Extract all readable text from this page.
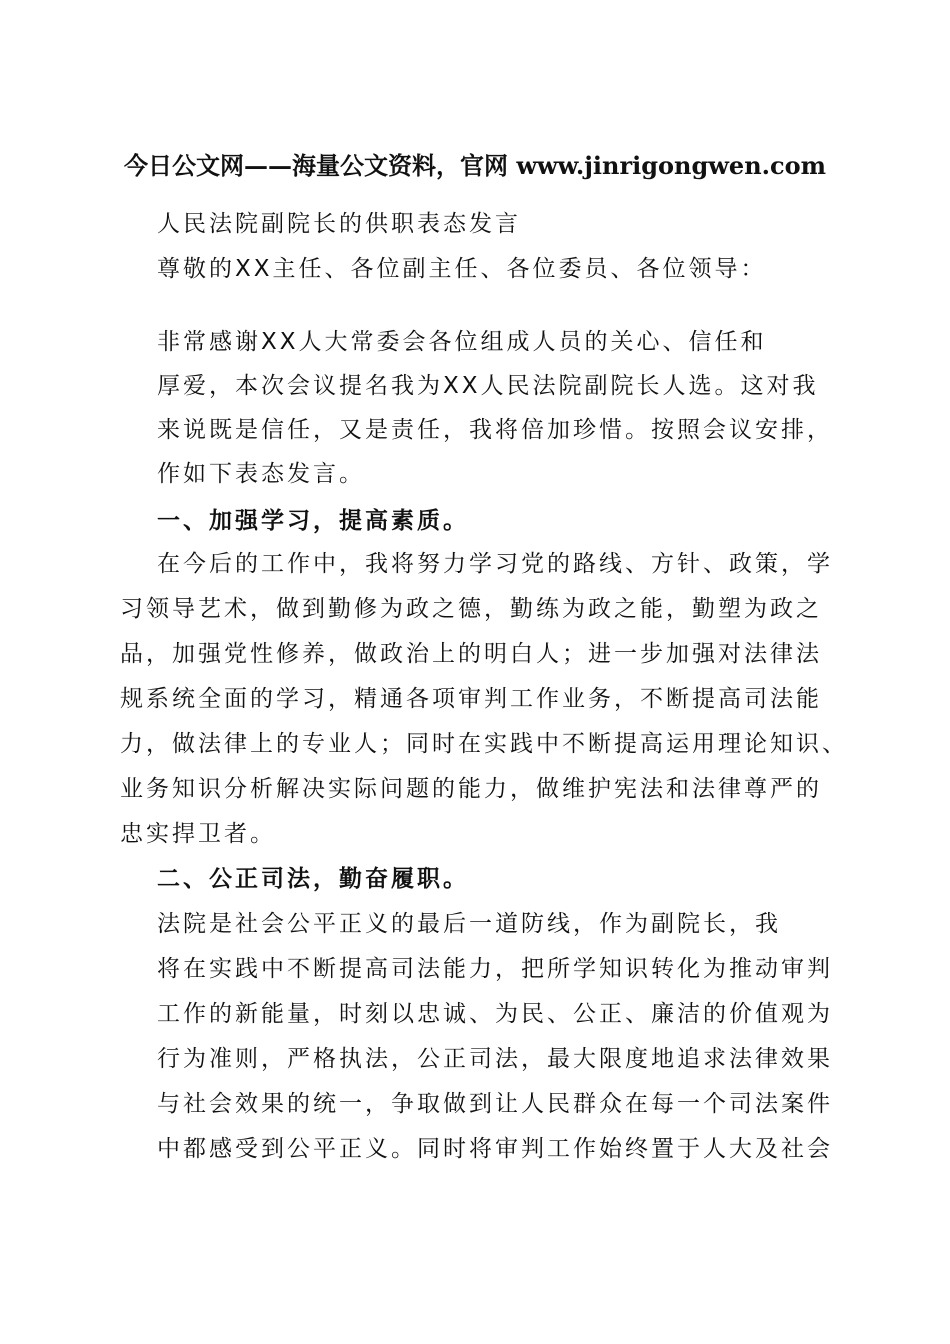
今日公文网——海量公文资料，官网 www.jinrigongwen.com
人民法院副院长的供职表态发言
尊敬的XX主任、各位副主任、各位委员、各位领导：
非常感谢XX人大常委会各位组成人员的关心、信任和
厚爱，本次会议提名我为XX人民法院副院长人选。这对我
来说既是信任，又是责任，我将倍加珍惜。按照会议安排，
作如下表态发言。
一、加强学习，提高素质。
在今后的工作中，我将努力学习党的路线、方针、政策，学
习领导艺术，做到勤修为政之德，勤练为政之能，勤塑为政之
品，加强党性修养，做政治上的明白人；进一步加强对法律法
规系统全面的学习，精通各项审判工作业务，不断提高司法能
力，做法律上的专业人；同时在实践中不断提高运用理论知识、
业务知识分析解决实际问题的能力，做维护宪法和法律尊严的
忠实捍卫者。
二、公正司法，勤奋履职。
法院是社会公平正义的最后一道防线，作为副院长，我
将在实践中不断提高司法能力，把所学知识转化为推动审判
工作的新能量，时刻以忠诚、为民、公正、廉洁的价值观为
行为准则，严格执法，公正司法，最大限度地追求法律效果
与社会效果的统一，争取做到让人民群众在每一个司法案件
中都感受到公平正义。同时将审判工作始终置于人大及社会
